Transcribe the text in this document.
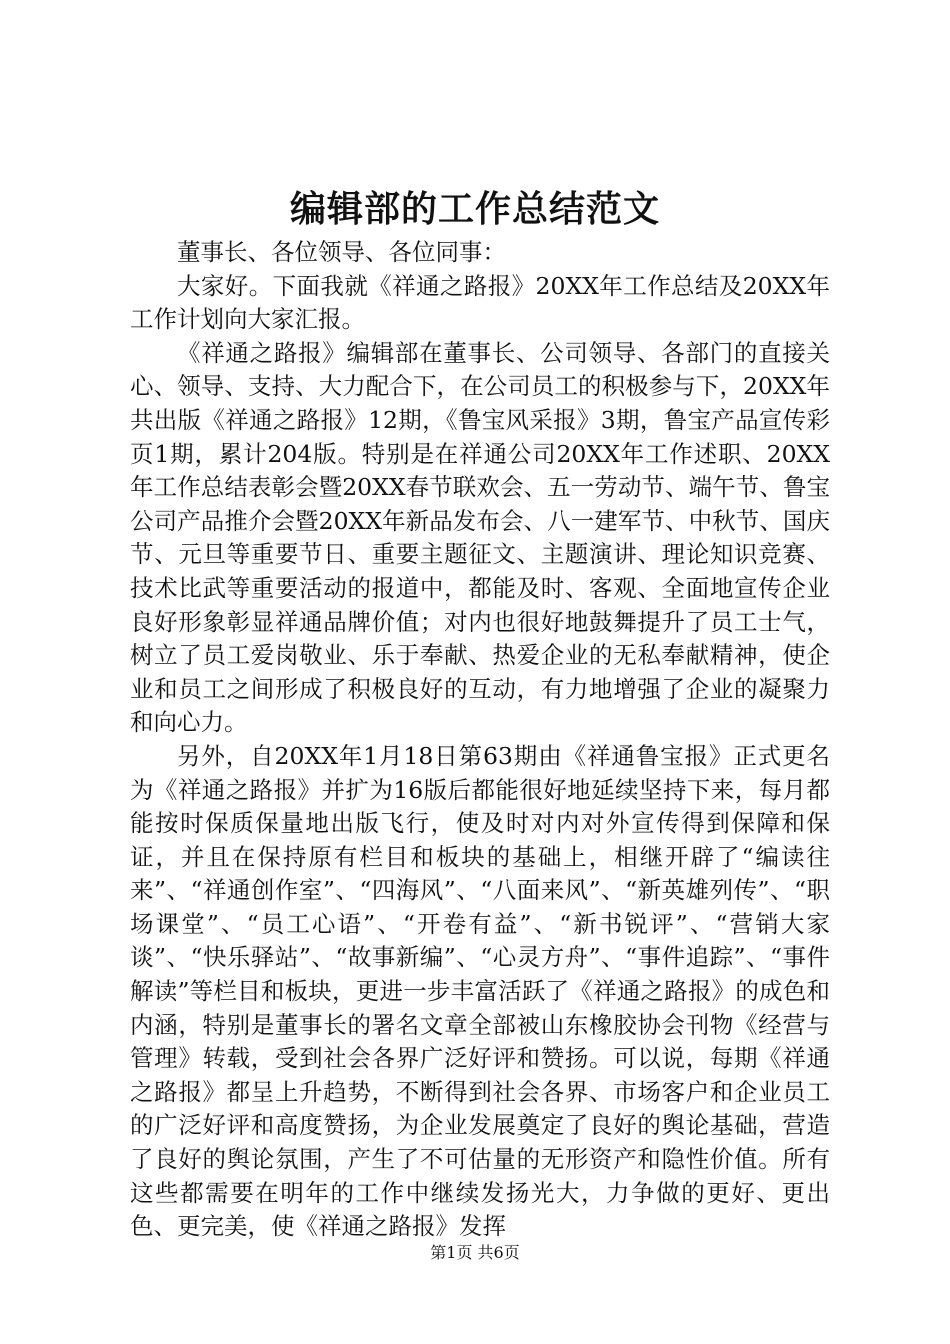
编辑部的工作总结范文

董事长、各位领导、各位同事：

大家好。下面我就《祥通之路报》20XX年工作总结及20XX年工作计划向大家汇报。

《祥通之路报》编辑部在董事长、公司领导、各部门的直接关心、领导、支持、大力配合下，在公司员工的积极参与下，20XX年共出版《祥通之路报》12期，《鲁宝风采报》3期，鲁宝产品宣传彩页1期，累计204版。特别是在祥通公司20XX年工作述职、20XX年工作总结表彰会暨20XX春节联欢会、五一劳动节、端午节、鲁宝公司产品推介会暨20XX年新品发布会、八一建军节、中秋节、国庆节、元旦等重要节日、重要主题征文、主题演讲、理论知识竞赛、技术比武等重要活动的报道中，都能及时、客观、全面地宣传企业良好形象彰显祥通品牌价值；对内也很好地鼓舞提升了员工士气，树立了员工爱岗敬业、乐于奉献、热爱企业的无私奉献精神，使企业和员工之间形成了积极良好的互动，有力地增强了企业的凝聚力和向心力。

另外，自20XX年1月18日第63期由《祥通鲁宝报》正式更名为《祥通之路报》并扩为16版后都能很好地延续坚持下来，每月都能按时保质保量地出版飞行，使及时对内对外宣传得到保障和保证，并且在保持原有栏目和板块的基础上，相继开辟了“编读往来”、“祥通创作室”、“四海风”、“八面来风”、“新英雄列传”、“职场课堂”、“员工心语”、“开卷有益”、“新书锐评”、“营销大家谈”、“快乐驿站”、“故事新编”、“心灵方舟”、“事件追踪”、“事件解读”等栏目和板块，更进一步丰富活跃了《祥通之路报》的成色和内涵，特别是董事长的署名文章全部被山东橡胶协会刊物《经营与管理》转载，受到社会各界广泛好评和赞扬。可以说，每期《祥通之路报》都呈上升趋势，不断得到社会各界、市场客户和企业员工的广泛好评和高度赞扬，为企业发展奠定了良好的舆论基础，营造了良好的舆论氛围，产生了不可估量的无形资产和隐性价值。所有这些都需要在明年的工作中继续发扬光大，力争做的更好、更出色、更完美，使《祥通之路报》发挥

第1页 共6页
